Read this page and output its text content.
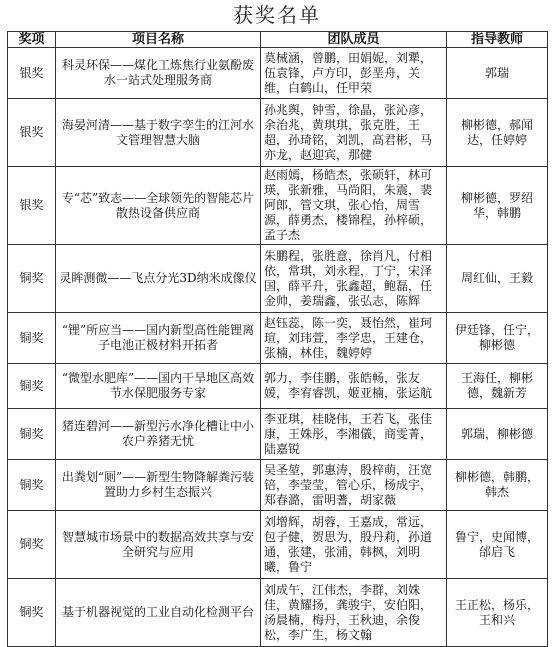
获奖名单
奖项	项目名称	团队成员	指导教师
银奖	科灵环保——煤化工炼焦行业氨酚废水一站式处理服务商	莫械涵，曾鹏，田娟妮，刘犟，伍袁锋，卢方印，彭垩舟，关维，白鹤山，任甲荣	郭瑞
银奖	海晏河清——基于数字孪生的江河水文管理智慧大脑	孙兆舆，钟雪，徐晶，张沁彦，余治兆，黄琪琪，张克胜，王超，孙琦铭，刘凯，高君彬，马亦龙，赵迎宾，那健	柳彬德，郝闻达，任婷婷
银奖	专“芯”致志——全球领先的智能芯片散热设备供应商	赵雨嫣，杨皓杰，张硕轩，林可瑛，张新雅，马尚阳，朱震，裴阿郎，管文琪，张心怡，周雪源，薛勇杰，楼锦程，孙梓硕，孟子杰	柳彬德，罗绍华，韩鹏
铜奖	灵眸测微——飞点分光3D纳米成像仪	朱鹏程，张胜意，徐肖凡，付相依，常琪，刘永程，丁宁，宋泽国，薛平升，张鑫超，鲍磊，任金帅，姜瑞鑫，张弘志，陈辉	周红仙，王毅
铜奖	“锂”所应当——国内新型高性能锂离子电池正极材料开拓者	赵钰蕊，陈一奕，聂怡然，崔珂瑄，刘玮萱，李学忠，王建仓，张楠，林佳，魏婷婷	伊廷锋，任宁，柳彬德
铜奖	“微型水肥库”——国内干旱地区高效节水保肥服务专家	郭力，李佳鹏，张皓畅，张友媛，李宥睿凯，姬亚楠，张运航	王海任，柳彬德，魏新芳
铜奖	猪连碧河——新型污水净化槽让中小农户养猪无忧	李亚琪，桂晓伟，王若飞，张佳康，王姝彤，李湘儀，商雯菁，陆嘉锐	郭瑞，柳彬德
铜奖	出粪划“厕”——新型生物降解粪污装置助力乡村生态振兴	吴圣堃，郭惠涛，殷梓萌，汪宽锫，李莹莹，管心乐，杨成宇，郑春潞，雷明蓍，胡家薇	柳彬德，韩鹏，韩杰
铜奖	智慧城市场景中的数据高效共享与安全研究与应用	刘增辉，胡蓉，王嘉成，常远，包子健，贺思为，殷丹莉，孙道通，张建，张浦，韩枫，刘明曦，鲁宁	鲁宁，史闻博，邰启飞
铜奖	基于机器视觉的工业自动化检测平台	刘成午，江伟杰，李群，刘姝佳，黄耀扬，龚骏宇，安伯阳，汤晨楠，梅丹，王秋迪，余俊松，李广生，杨文翰	王正松，杨乐，王和兴
